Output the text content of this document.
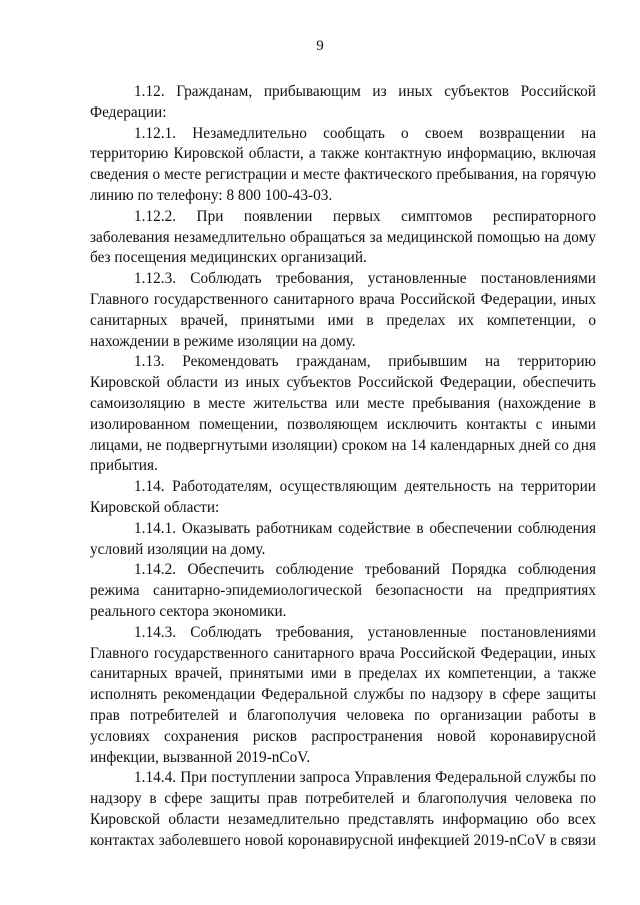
9

1.12. Гражданам, прибывающим из иных субъектов Российской Федерации:

1.12.1. Незамедлительно сообщать о своем возвращении на территорию Кировской области, а также контактную информацию, включая сведения о месте регистрации и месте фактического пребывания, на горячую линию по телефону: 8 800 100-43-03.

1.12.2. При появлении первых симптомов респираторного заболевания незамедлительно обращаться за медицинской помощью на дому без посещения медицинских организаций.

1.12.3. Соблюдать требования, установленные постановлениями Главного государственного санитарного врача Российской Федерации, иных санитарных врачей, принятыми ими в пределах их компетенции, о нахождении в режиме изоляции на дому.

1.13. Рекомендовать гражданам, прибывшим на территорию Кировской области из иных субъектов Российской Федерации, обеспечить самоизоляцию в месте жительства или месте пребывания (нахождение в изолированном помещении, позволяющем исключить контакты с иными лицами, не подвергнутыми изоляции) сроком на 14 календарных дней со дня прибытия.

1.14. Работодателям, осуществляющим деятельность на территории Кировской области:

1.14.1. Оказывать работникам содействие в обеспечении соблюдения условий изоляции на дому.

1.14.2. Обеспечить соблюдение требований Порядка соблюдения режима санитарно-эпидемиологической безопасности на предприятиях реального сектора экономики.

1.14.3. Соблюдать требования, установленные постановлениями Главного государственного санитарного врача Российской Федерации, иных санитарных врачей, принятыми ими в пределах их компетенции, а также исполнять рекомендации Федеральной службы по надзору в сфере защиты прав потребителей и благополучия человека по организации работы в условиях сохранения рисков распространения новой коронавирусной инфекции, вызванной 2019-nCoV.

1.14.4. При поступлении запроса Управления Федеральной службы по надзору в сфере защиты прав потребителей и благополучия человека по Кировской области незамедлительно представлять информацию обо всех контактах заболевшего новой коронавирусной инфекцией 2019-nCoV в связи
